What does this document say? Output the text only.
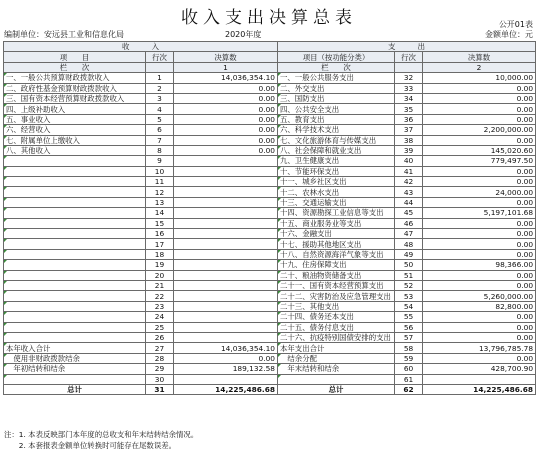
收入支出决算总表	公开01表
编制单位：安远县工业和信息化局	2020年度	金额单位：元
收　　　入			支　　　出		
项　　目	行次	决算数	项目（按功能分类）	行次	决算数
栏　　次		1	栏　　次		2
一、一般公共预算财政拨款收入	1	14,036,354.10	一、一般公共服务支出	32	10,000.00
二、政府性基金预算财政拨款收入	2	0.00	二、外交支出	33	0.00
三、国有资本经营预算财政拨款收入	3	0.00	三、国防支出	34	0.00
四、上级补助收入	4	0.00	四、公共安全支出	35	0.00
五、事业收入	5	0.00	五、教育支出	36	0.00
六、经营收入	6	0.00	六、科学技术支出	37	2,200,000.00
七、附属单位上缴收入	7	0.00	七、文化旅游体育与传媒支出	38	0.00
八、其他收入	8	0.00	八、社会保障和就业支出	39	145,020.60
	9		九、卫生健康支出	40	779,497.50
	10		十、节能环保支出	41	0.00
	11		十一、城乡社区支出	42	0.00
	12		十二、农林水支出	43	24,000.00
	13		十三、交通运输支出	44	0.00
	14		十四、资源勘探工业信息等支出	45	5,197,101.68
	15		十五、商业服务业等支出	46	0.00
	16		十六、金融支出	47	0.00
	17		十七、援助其他地区支出	48	0.00
	18		十八、自然资源海洋气象等支出	49	0.00
	19		十九、住房保障支出	50	98,366.00
	20		二十、粮油物资储备支出	51	0.00
	21		二十一、国有资本经营预算支出	52	0.00
	22		二十二、灾害防治及应急管理支出	53	5,260,000.00
	23		二十三、其他支出	54	82,800.00
	24		二十四、债务还本支出	55	0.00
	25		二十五、债务付息支出	56	0.00
	26		二十六、抗疫特别国债安排的支出	57	0.00
本年收入合计	27	14,036,354.10	本年支出合计	58	13,796,785.78
　使用非财政拨款结余	28	0.00	　结余分配	59	0.00
　年初结转和结余	29	189,132.58	　年末结转和结余	60	428,700.90
	30			61	
总计	31	14,225,486.68	总计	62	14,225,486.68
注：1. 本表反映部门本年度的总收支和年末结转结余情况。
　　2. 本套报表金额单位转换时可能存在尾数误差。
